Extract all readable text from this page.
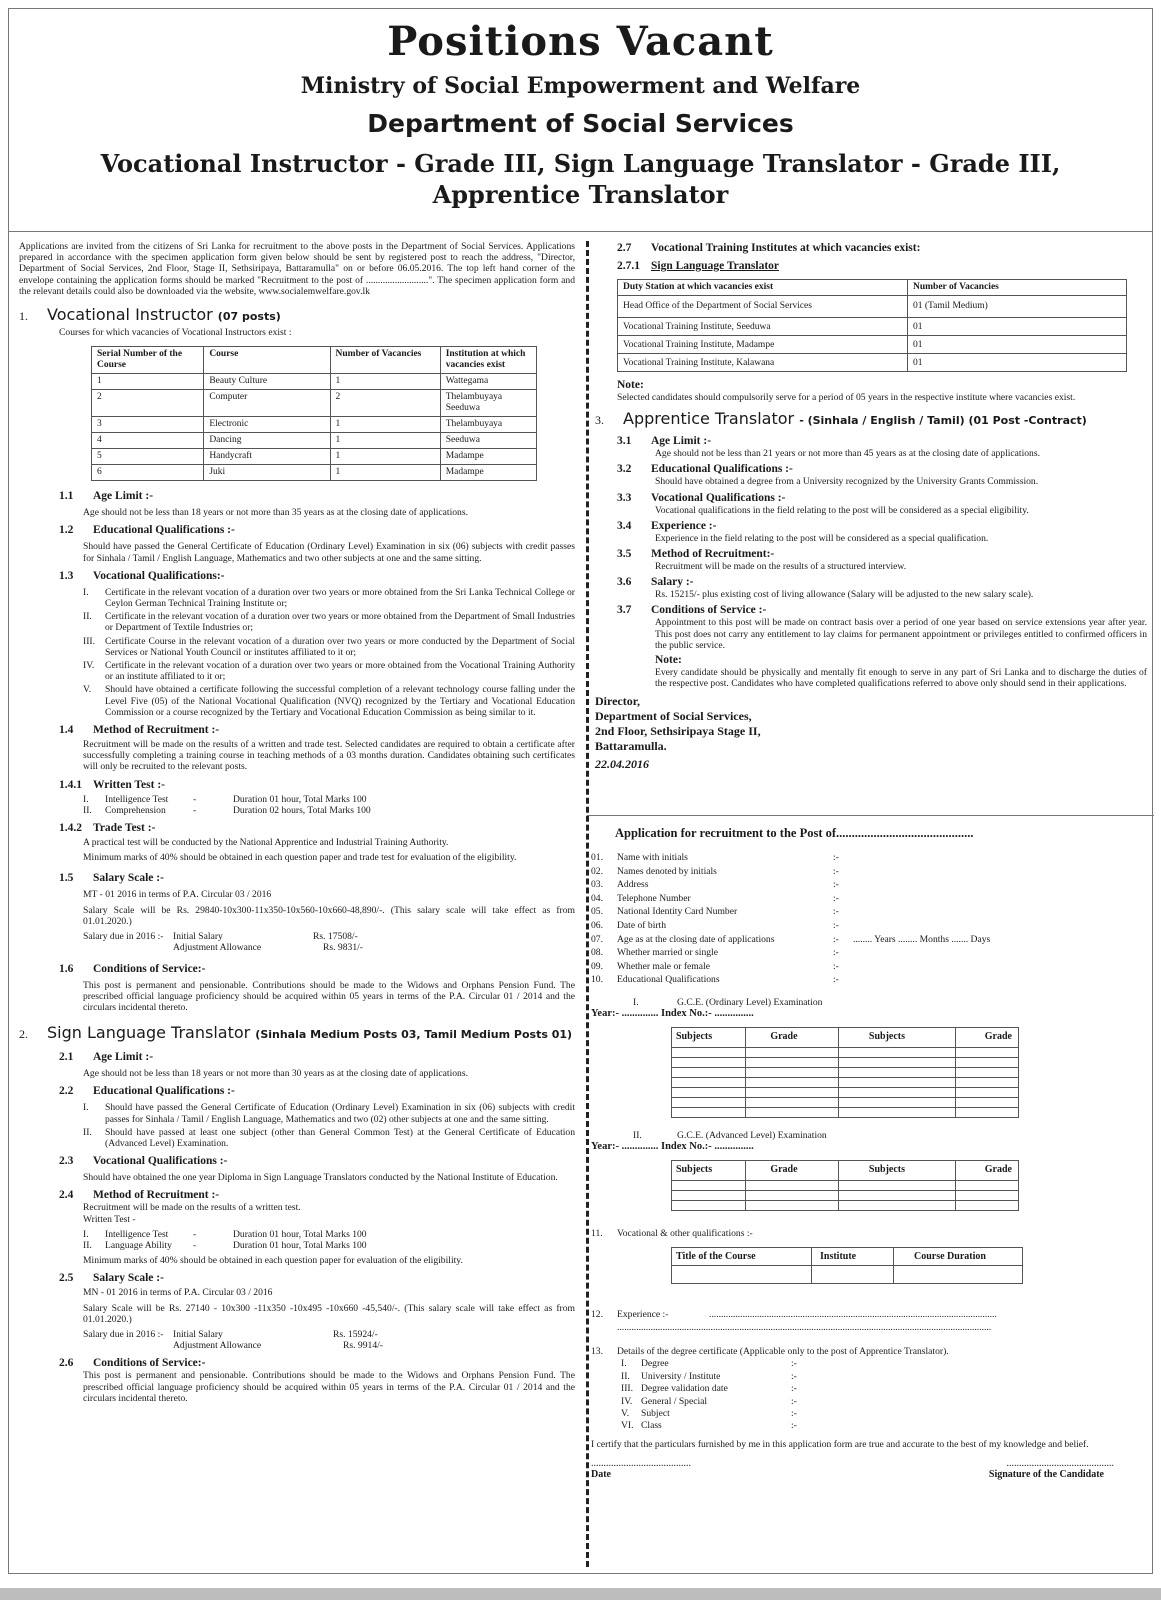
Positions Vacant
Ministry of Social Empowerment and Welfare
Department of Social Services
Vocational Instructor - Grade III, Sign Language Translator - Grade III,
Apprentice Translator

Applications are invited from the citizens of Sri Lanka for recruitment to the above posts in the Department of Social Services. Applications prepared in accordance with the specimen application form given below should be sent by registered post to reach the address, "Director, Department of Social Services, 2nd Floor, Stage II, Sethsiripaya, Battaramulla" on or before 06.05.2016. The top left hand corner of the envelope containing the application forms should be marked "Recruitment to the post of ..........................". The specimen application form and the relevant details could also be downloaded via the website, www.socialemwelfare.gov.lk

1. Vocational Instructor (07 posts)
Courses for which vacancies of Vocational Instructors exist :
Serial Number of the Course	Course	Number of Vacancies	Institution at which vacancies exist
1	Beauty Culture	1	Wattegama
2	Computer	2	Thelambuyaya Seeduwa
3	Electronic	1	Thelambuyaya
4	Dancing	1	Seeduwa
5	Handycraft	1	Madampe
6	Juki	1	Madampe
1.1 Age Limit :-

Age should not be less than 18 years or not more than 35 years as at the closing date of applications.

1.2 Educational Qualifications :-

Should have passed the General Certificate of Education (Ordinary Level) Examination in six (06) subjects with credit passes for Sinhala / Tamil / English Language, Mathematics and two other subjects at one and the same sitting.

1.3 Vocational Qualifications:-
I.	Certificate in the relevant vocation of a duration over two years or more obtained from the Sri Lanka Technical College or Ceylon German Technical Training Institute or;
II.	Certificate in the relevant vocation of a duration over two years or more obtained from the Department of Small Industries or Department of Textile Industries or;
III.	Certificate Course in the relevant vocation of a duration over two years or more conducted by the Department of Social Services or National Youth Council or institutes affiliated to it or;
IV.	Certificate in the relevant vocation of a duration over two years or more obtained from the Vocational Training Authority or an institute affiliated to it or;
V.	Should have obtained a certificate following the successful completion of a relevant technology course falling under the Level Five (05) of the National Vocational Qualification (NVQ) recognized by the Tertiary and Vocational Education Commission or a course recognized by the Tertiary and Vocational Education Commission as being similar to it.
1.4 Method of Recruitment :-

Recruitment will be made on the results of a written and trade test. Selected candidates are required to obtain a certificate after successfully completing a training course in teaching methods of a 03 months duration. Candidates obtaining such certificates will only be recruited to the relevant posts.

1.4.1 Written Test :-
I.	Intelligence Test	-	Duration 01 hour, Total Marks 100
II.	Comprehension	-	Duration 02 hours, Total Marks 100
1.4.2 Trade Test :-

A practical test will be conducted by the National Apprentice and Industrial Training Authority.

Minimum marks of 40% should be obtained in each question paper and trade test for evaluation of the eligibility.

1.5 Salary Scale :-

MT - 01 2016 in terms of P.A. Circular 03 / 2016

Salary Scale will be Rs. 29840-10x300-11x350-10x560-10x660-48,890/-. (This salary scale will take effect as from 01.01.2020.)

Salary due in 2016 :- Initial Salary	Rs. 17508/-
Adjustment Allowance	Rs. 9831/-
1.6 Conditions of Service:-

This post is permanent and pensionable. Contributions should be made to the Widows and Orphans Pension Fund. The prescribed official language proficiency should be acquired within 05 years in terms of the P.A. Circular 01 / 2014 and the circulars incidental thereto.

2. Sign Language Translator (Sinhala Medium Posts 03, Tamil Medium Posts 01)
2.1 Age Limit :-

Age should not be less than 18 years or not more than 30 years as at the closing date of applications.

2.2 Educational Qualifications :-
I.	Should have passed the General Certificate of Education (Ordinary Level) Examination in six (06) subjects with credit passes for Sinhala / Tamil / English Language, Mathematics and two (02) other subjects at one and the same sitting.
II.	Should have passed at least one subject (other than General Common Test) at the General Certificate of Education (Advanced Level) Examination.
2.3 Vocational Qualifications :-

Should have obtained the one year Diploma in Sign Language Translators conducted by the National Institute of Education.

2.4 Method of Recruitment :-

Recruitment will be made on the results of a written test.

Written Test -

I.	Intelligence Test	-	Duration 01 hour, Total Marks 100
II.	Language Ability	-	Duration 01 hour, Total Marks 100

Minimum marks of 40% should be obtained in each question paper for evaluation of the eligibility.

2.5 Salary Scale :-

MN - 01 2016 in terms of P.A. Circular 03 / 2016

Salary Scale will be Rs. 27140 - 10x300 -11x350 -10x495 -10x660 -45,540/-. (This salary scale will take effect as from 01.01.2020.)

Salary due in 2016 :- Initial Salary	Rs. 15924/-
Adjustment Allowance	Rs. 9914/-
2.6 Conditions of Service:-

This post is permanent and pensionable. Contributions should be made to the Widows and Orphans Pension Fund. The prescribed official language proficiency should be acquired within 05 years in terms of the P.A. Circular 01 / 2014 and the circulars incidental thereto.

2.7 Vocational Training Institutes at which vacancies exist:
2.7.1 Sign Language Translator
Duty Station at which vacancies exist	Number of Vacancies
Head Office of the Department of Social Services	01 (Tamil Medium)
Vocational Training Institute, Seeduwa	01
Vocational Training Institute, Madampe	01
Vocational Training Institute, Kalawana	01
Note:

Selected candidates should compulsorily serve for a period of 05 years in the respective institute where vacancies exist.

3. Apprentice Translator - (Sinhala / English / Tamil) (01 Post -Contract)
3.1 Age Limit :-

Age should not be less than 21 years or not more than 45 years as at the closing date of applications.

3.2 Educational Qualifications :-

Should have obtained a degree from a University recognized by the University Grants Commission.

3.3 Vocational Qualifications :-

Vocational qualifications in the field relating to the post will be considered as a special eligibility.

3.4 Experience :-

Experience in the field relating to the post will be considered as a special qualification.

3.5 Method of Recruitment:-

Recruitment will be made on the results of a structured interview.

3.6 Salary :-

Rs. 15215/- plus existing cost of living allowance (Salary will be adjusted to the new salary scale).

3.7 Conditions of Service :-

Appointment to this post will be made on contract basis over a period of one year based on service extensions year after year. This post does not carry any entitlement to lay claims for permanent appointment or privileges entitled to confirmed officers in the public service.

Note:

Every candidate should be physically and mentally fit enough to serve in any part of Sri Lanka and to discharge the duties of the respective post. Candidates who have completed qualifications referred to above only should send in their applications.

Director,
Department of Social Services,
2nd Floor, Sethsiripaya Stage II,
Battaramulla.
22.04.2016
Application for recruitment to the Post of............................................
01.	Name with initials	:-
02.	Names denoted by initials	:-
03.	Address	:-
04.	Telephone Number	:-
05.	National Identity Card Number	:-
06.	Date of birth	:-
07.	Age as at the closing date of applications	:-	........ Years ........ Months ....... Days
08.	Whether married or single	:-
09.	Whether male or female	:-
10.	Educational Qualifications	:-
I.	G.C.E. (Ordinary Level) Examination
Year:- .............. Index No.:- ...............
Subjects	Grade	Subjects	Grade

II.	G.C.E. (Advanced Level) Examination
Year:- .............. Index No.:- ...............
Subjects	Grade	Subjects	Grade

11.	Vocational & other qualifications :-
Title of the Course	Institute	Course Duration

12.	Experience :-	........................................................................................................................
............................................................................................................................................................
13.	Details of the degree certificate (Applicable only to the post of Apprentice Translator).
I.	Degree	:-
II.	University / Institute	:-
III. Degree validation date	:-
IV. General / Special	:-
V.	Subject	:-
VI. Class	:-

I certify that the particulars furnished by me in this application form are true and accurate to the best of my knowledge and belief.

........................................	...........................................
Date	Signature of the Candidate
